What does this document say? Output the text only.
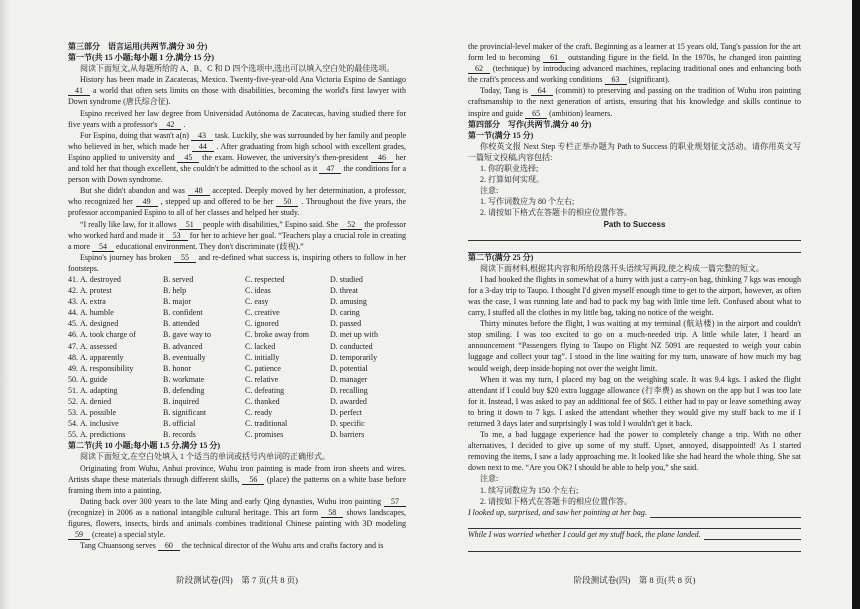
第三部分　语言运用(共两节,满分 30 分)
第一节(共 15 小题;每小题 1 分,满分 15 分)
阅读下面短文,从每题所给的 A、B、C 和 D 四个选项中,选出可以填入空白处的最佳选项。

History has been made in Zacatecas, Mexico. Twenty-five-year-old Ana Victoria Espino de Santiago 41 a world that often sets limits on those with disabilities, becoming the world's first lawyer with Down syndrome (唐氏综合征).

Espino received her law degree from Universidad Autónoma de Zacatecas, having studied there for five years with a professor's 42 .

For Espino, doing that wasn't a(n) 43 task. Luckily, she was surrounded by her family and people who believed in her, which made her 44 . After graduating from high school with excellent grades, Espino applied to university and 45 the exam. However, the university's then-president 46 her and told her that though excellent, she couldn't be admitted to the school as it 47 the conditions for a person with Down syndrome.

But she didn't abandon and was 48 accepted. Deeply moved by her determination, a professor, who recognized her 49 , stepped up and offered to be her 50 . Throughout the five years, the professor accompanied Espino to all of her classes and helped her study.

“I really like law, for it allows 51 people with disabilities,” Espino said. She 52 the professor who worked hard and made it 53 for her to achieve her goal. “Teachers play a crucial role in creating a more 54 educational environment. They don't discriminate (歧视).”

Espino's journey has broken 55 and re-defined what success is, inspiring others to follow in her footsteps.

41. A. destroyed	B. served	C. respected	D. studied
42. A. protest	B. help	C. ideas	D. threat
43. A. extra	B. major	C. easy	D. amusing
44. A. humble	B. confident	C. creative	D. caring
45. A. designed	B. attended	C. ignored	D. passed
46. A. took charge of	B. gave way to	C. broke away from	D. met up with
47. A. assessed	B. advanced	C. lacked	D. conducted
48. A. apparently	B. eventually	C. initially	D. temporarily
49. A. responsibility	B. honor	C. patience	D. potential
50. A. guide	B. workmate	C. relative	D. manager
51. A. adapting	B. defending	C. defeating	D. recalling
52. A. denied	B. inquired	C. thanked	D. awarded
53. A. possible	B. significant	C. ready	D. perfect
54. A. inclusive	B. official	C. traditional	D. specific
55. A. predictions	B. records	C. promises	D. barriers
第二节(共 10 小题;每小题 1.5 分,满分 15 分)
阅读下面短文,在空白处填入 1 个适当的单词或括号内单词的正确形式。

Originating from Wuhu, Anhui province, Wuhu iron painting is made from iron sheets and wires. Artists shape these materials through different skills, 56 (place) the patterns on a white base before framing them into a painting.

Dating back over 300 years to the late Ming and early Qing dynasties, Wuhu iron painting 57 (recognize) in 2006 as a national intangible cultural heritage. This art form 58 shows landscapes, figures, flowers, insects, birds and animals combines traditional Chinese painting with 3D modeling 59 (create) a special style.

Tang Chuansong serves 60 the technical director of the Wuhu arts and crafts factory and is

阶段测试卷(四)　第 7 页(共 8 页)

the provincial-level maker of the craft. Beginning as a learner at 15 years old, Tang's passion for the art form led to becoming 61 outstanding figure in the field. In the 1970s, he changed iron painting 62 (technique) by introducing advanced machines, replacing traditional ones and enhancing both the craft's process and working conditions 63 (significant).

Today, Tang is 64 (commit) to preserving and passing on the tradition of Wuhu iron painting craftsmanship to the next generation of artists, ensuring that his knowledge and skills continue to inspire and guide 65 (ambition) learners.

第四部分　写作(共两节,满分 40 分)
第一节(满分 15 分)

你校英文报 Next Step 专栏正举办题为 Path to Success 的职业规划征文活动。请你用英文写一篇短文投稿,内容包括:

1. 你的职业选择;
2. 打算如何实现。
注意:
1. 写作词数应为 80 个左右;
2. 请按如下格式在答题卡的相应位置作答。
Path to Success
第二节(满分 25 分)
阅读下面材料,根据其内容和所给段落开头语续写两段,使之构成一篇完整的短文。

I had booked the flights in somewhat of a hurry with just a carry-on bag, thinking 7 kgs was enough for a 3-day trip to Taupo. I thought I'd given myself enough time to get to the airport, however, as often was the case, I was running late and had to pack my bag with little time left. Confused about what to carry, I stuffed all the clothes in my little bag, taking no notice of the weight.

Thirty minutes before the flight, I was waiting at my terminal (航站楼) in the airport and couldn't stop smiling. I was too excited to go on a much-needed trip. A little while later, I heard an announcement “Passengers flying to Taupo on Flight NZ 5091 are requested to weigh your cabin luggage and collect your tag”. I stood in the line waiting for my turn, unaware of how much my bag would weigh, deep inside hoping not over the weight limit.

When it was my turn, I placed my bag on the weighing scale. It was 9.4 kgs. I asked the flight attendant if I could buy $20 extra luggage allowance (行李费) as shown on the app but I was too late for it. Instead, I was asked to pay an additional fee of $65. I either had to pay or leave something away to bring it down to 7 kgs. I asked the attendant whether they would give my stuff back to me if I returned 3 days later and surprisingly I was told I wouldn't get it back.

To me, a bad luggage experience had the power to completely change a trip. With no other alternatives, I decided to give up some of my stuff. Upset, annoyed, disappointed! As I started removing the items, I saw a lady approaching me. It looked like she had heard the whole thing. She sat down next to me. “Are you OK? I should be able to help you,” she said.

注意:
1. 续写词数应为 150 个左右;
2. 请按如下格式在答题卡的相应位置作答。
I looked up, surprised, and saw her pointing at her bag.
While I was worried whether I could get my stuff back, the plane landed.
阶段测试卷(四)　第 8 页(共 8 页)
